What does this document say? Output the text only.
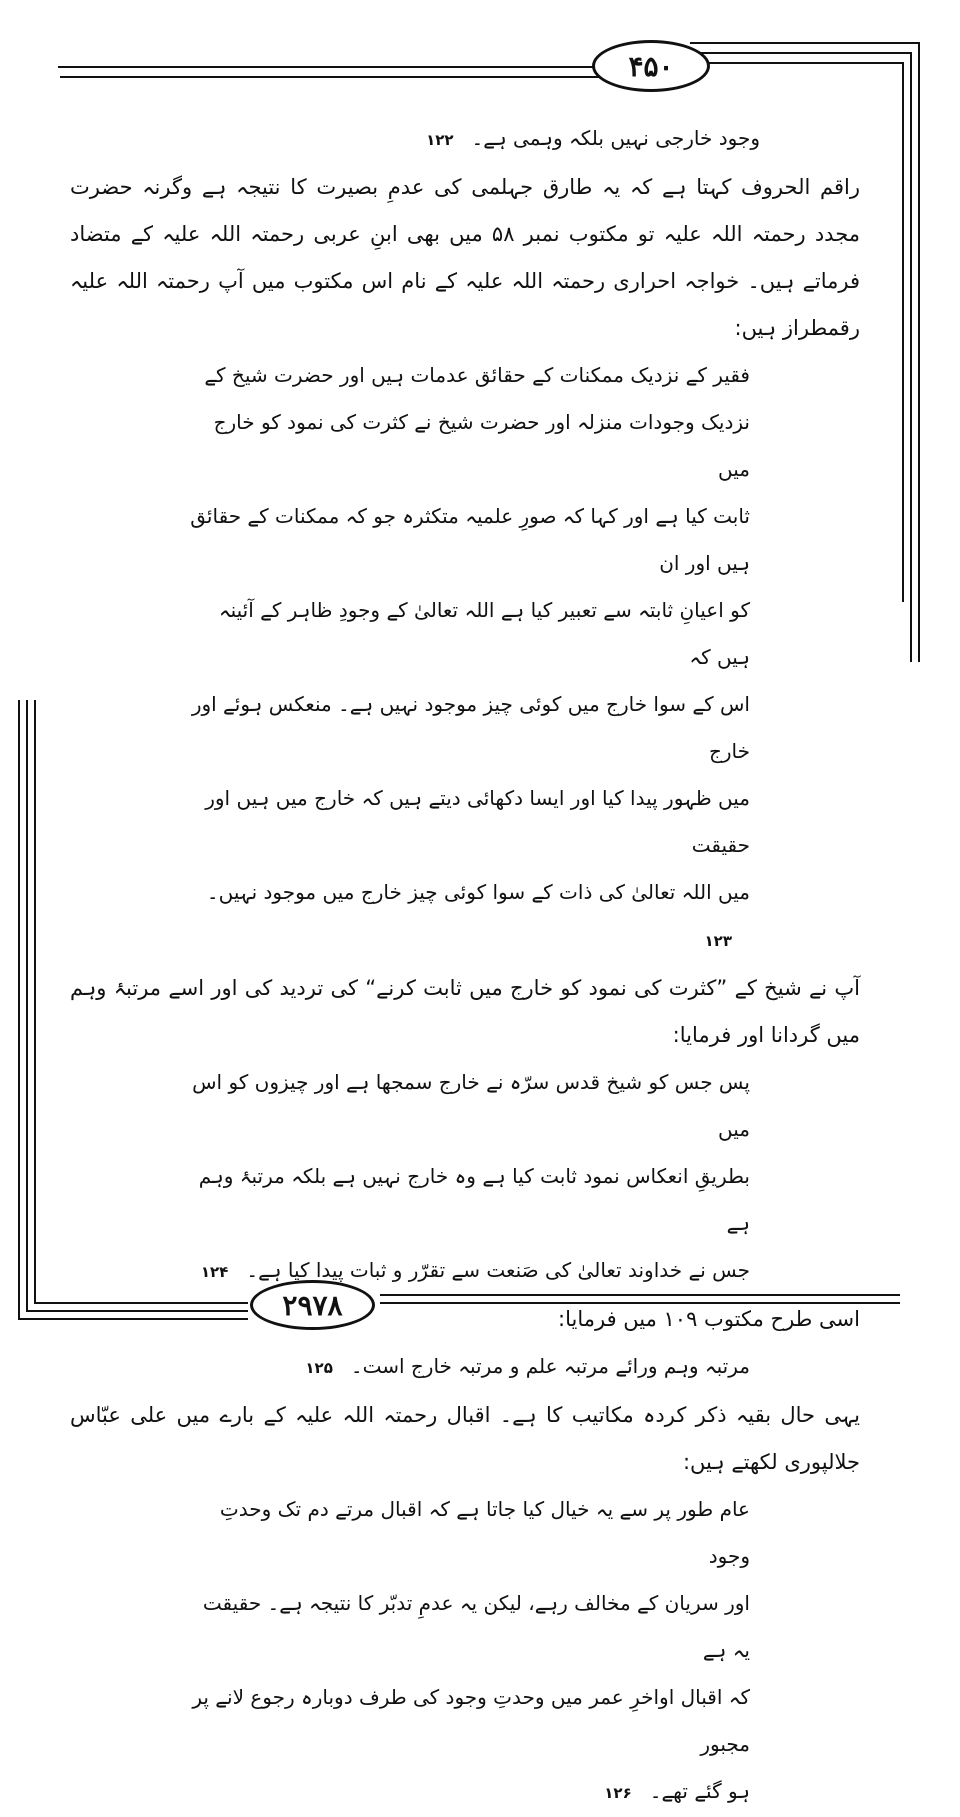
۴۵۰
۲۹۷۸

وجود خارجی نہیں بلکہ وہمی ہے۔۱۲۲

راقم الحروف کہتا ہے کہ یہ طارق جہلمی کی عدمِ بصیرت کا نتیجہ ہے وگرنہ حضرت مجدد رحمتہ اللہ علیہ تو مکتوب نمبر ۵۸ میں بھی ابنِ عربی رحمتہ اللہ علیہ کے متضاد فرماتے ہیں۔ خواجہ احراری رحمتہ اللہ علیہ کے نام اس مکتوب میں آپ رحمتہ اللہ علیہ رقمطراز ہیں:

فقیر کے نزدیک ممکنات کے حقائق عدمات ہیں اور حضرت شیخ کے
نزدیک وجودات منزلہ اور حضرت شیخ نے کثرت کی نمود کو خارج میں
ثابت کیا ہے اور کہا کہ صورِ علمیہ متکثرہ جو کہ ممکنات کے حقائق ہیں اور ان
کو اعیانِ ثابتہ سے تعبیر کیا ہے اللہ تعالیٰ کے وجودِ ظاہر کے آئینہ ہیں کہ
اس کے سوا خارج میں کوئی چیز موجود نہیں ہے۔ منعکس ہوئے اور خارج
میں ظہور پیدا کیا اور ایسا دکھائی دیتے ہیں کہ خارج میں ہیں اور حقیقت
میں اللہ تعالیٰ کی ذات کے سوا کوئی چیز خارج میں موجود نہیں۔۱۲۳

آپ نے شیخ کے ”کثرت کی نمود کو خارج میں ثابت کرنے“ کی تردید کی اور اسے مرتبۂ وہم میں گردانا اور فرمایا:

پس جس کو شیخ قدس سرّہ نے خارج سمجھا ہے اور چیزوں کو اس میں
بطریقِ انعکاس نمود ثابت کیا ہے وہ خارج نہیں ہے بلکہ مرتبۂ وہم ہے
جس نے خداوند تعالیٰ کی صَنعت سے تقرّر و ثبات پیدا کیا ہے۔۱۲۴

اسی طرح مکتوب ۱۰۹ میں فرمایا:

مرتبہ وہم ورائے مرتبہ علم و مرتبہ خارج است۔۱۲۵

یہی حال بقیہ ذکر کردہ مکاتیب کا ہے۔ اقبال رحمتہ اللہ علیہ کے بارے میں علی عبّاس جلالپوری لکھتے ہیں:

عام طور پر سے یہ خیال کیا جاتا ہے کہ اقبال مرتے دم تک وحدتِ وجود
اور سریان کے مخالف رہے، لیکن یہ عدمِ تدبّر کا نتیجہ ہے۔ حقیقت یہ ہے
کہ اقبال اواخرِ عمر میں وحدتِ وجود کی طرف دوبارہ رجوع لانے پر مجبور
ہو گئے تھے۔۱۲۶
